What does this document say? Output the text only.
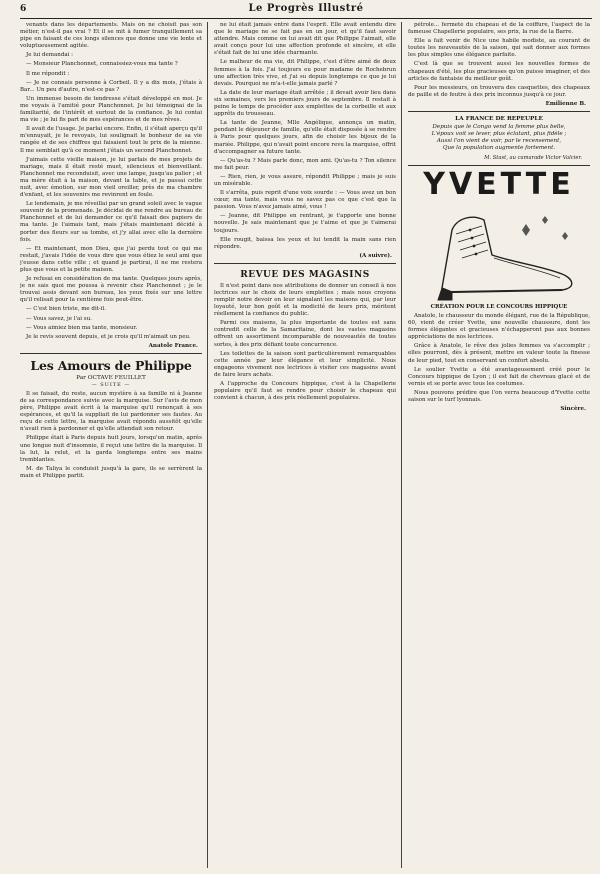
6	Le Progrès Illustré

venants dans les départements. Mais on ne choisit pas son métier, n'est-il pas vrai ? Et il se mit à fumer tranquillement sa pipe en faisant de ces longs silences que donne une vie lente et voluptueusement agitée.

Je lui demandai :

— Monsieur Planchonnet, connaissiez-vous ma tante ?

Il me répondit :

— Je ne connais personne à Corbeil. Il y a dix mois, j'étais à Bar... Un peu d'autre, n'est-ce pas ?

Un immense besoin de tendresse s'était développé en moi. Je me voyais à l'amitié pour Planchonnet. Je lui témoignai de la familiarité, de l'intérêt et surtout de la confiance. Je lui contai ma vie ; je lui fis part de mes espérances et de mes rêves.

Il avait de l'usage. Je parlai encore. Enfin, il s'était aperçu qu'il m'ennuyait, je le revoyais, lui soulignait le bonheur de sa vie rangée et de ses chiffres qui faisaient tout le prix de la mienne. Il me semblait qu'à ce moment j'étais un second Planchonnet.

J'aimais cette vieille maison, je lui parlais de mes projets de mariage, mais il était resté muet, silencieux et bienveillant. Planchonnet me reconduisit, avec une lampe, jusqu'au palier ; et ma mère était à la maison, devant la table, et je passai cette nuit, avec émotion, sur mon vieil oreiller, près de ma chambre d'enfant, et les souvenirs me revinrent en foule.

Le lendemain, je me réveillai par un grand soleil avec le vague souvenir de la promenade. Je décidai de me rendre au bureau de Planchonnet et de lui demander ce qu'il faisait des papiers de ma tante. Je l'aimais tant, mais j'étais maintenant décidé à porter des fleurs sur sa tombe, et j'y allai avec elle la dernière fois.

— Et maintenant, mon Dieu, que j'ai perdu tout ce qui me restait, j'avais l'idée de vous dire que vous étiez le seul ami que j'eusse dans cette ville ; et quand je partirai, il ne me restera plus que vous et la petite maison.

Je refusai en considération de ma tante. Quelques jours après, je ne sais quoi me poussa à revenir chez Planchonnet ; je le trouvai assis devant son bureau, les yeux fixés sur une lettre qu'il relisait pour la centième fois peut-être.

— C'est bien triste, me dit-il.

— Vous savez, je l'ai su.

— Vous aimiez bien ma tante, monsieur.

Je le revis souvent depuis, et je crois qu'il m'aimait un peu.

Anatole France.
Les Amours de Philippe
Par OCTAVE FEUILLET
— SUITE —

Il se faisait, du reste, aucun mystère à sa famille ni à Jeanne de sa correspondance suivie avec la marquise. Sur l'avis de mon père, Philippe avait écrit à la marquise qu'il renonçait à ses espérances, et qu'il la suppliait de lui pardonner ses fautes. Au reçu de cette lettre, la marquise avait répondu aussitôt qu'elle n'avait rien à pardonner et qu'elle attendait son retour.

Philippe était à Paris depuis huit jours, lorsqu'un matin, après une longue nuit d'insomnie, il reçut une lettre de la marquise. Il la lut, la relut, et la garda longtemps entre ses mains tremblantes.

M. de Taliya le conduisit jusqu'à la gare, ils se serrèrent la main et Philippe partit.

ne lui était jamais entré dans l'esprit. Elle avait entendu dire que le mariage ne se fait pas en un jour, et qu'il faut savoir attendre. Mais comme on lui avait dit que Philippe l'aimait, elle avait conçu pour lui une affection profonde et sincère, et elle s'était fait de lui une idée charmante.

Le malheur de ma vie, dit Philippe, c'est d'être aimé de deux femmes à la fois. J'ai toujours eu pour madame de Rochebrun une affection très vive, et j'ai su depuis longtemps ce que je lui devais. Pourquoi ne m'a-t-elle jamais parlé ?

La date de leur mariage était arrêtée ; il devait avoir lieu dans six semaines, vers les premiers jours de septembre. Il restait à peine le temps de procéder aux emplettes de la corbeille et aux apprêts du trousseau.

La tante de Jeanne, Mlle Angélique, annonça un matin, pendant le déjeuner de famille, qu'elle était disposée à se rendre à Paris pour quelques jours, afin de choisir les bijoux de la mariée. Philippe, qui n'avait point encore revu la marquise, offrit d'accompagner sa future tante.

— Qu'as-tu ? Mais parle donc, mon ami. Qu'as-tu ? Ton silence me fait peur.

— Rien, rien, je vous assure, répondit Philippe ; mais je suis un misérable.

Il s'arrêta, puis reprit d'une voix sourde : — Vous avez un bon cœur, ma tante, mais vous ne savez pas ce que c'est que la passion. Vous n'avez jamais aimé, vous !

— Jeanne, dit Philippe en rentrant, je t'apporte une bonne nouvelle. Je sais maintenant que je t'aime et que je t'aimerai toujours.

Elle rougit, baissa les yeux et lui tendit la main sans rien répondre.

(A suivre).
REVUE DES MAGASINS

Il n'est point dans nos attributions de donner un conseil à nos lectrices sur le choix de leurs emplettes ; mais nous croyons remplir notre devoir en leur signalant les maisons qui, par leur loyauté, leur bon goût et la modicité de leurs prix, méritent réellement la confiance du public.

Parmi ces maisons, la plus importante de toutes est sans contredit celle de la Samaritaine, dont les vastes magasins offrent un assortiment incomparable de nouveautés de toutes sortes, à des prix défiant toute concurrence.

Les toilettes de la saison sont particulièrement remarquables cette année par leur élégance et leur simplicité. Nous engageons vivement nos lectrices à visiter ces magasins avant de faire leurs achats.

A l'approche du Concours hippique, c'est à la Chapellerie populaire qu'il faut se rendre pour choisir le chapeau qui convient à chacun, à des prix réellement populaires.

pétrole... fermeté du chapeau et de la coiffure, l'aspect de la fameuse Chapellerie populaire, ses prix, la rue de la Barre.

Elle a fait venir de Nice une habile modiste, au courant de toutes les nouveautés de la saison, qui sait donner aux formes les plus simples une élégance parfaite.

C'est là que se trouvent aussi les nouvelles formes de chapeaux d'été, les plus gracieuses qu'on puisse imaginer, et des articles de fantaisie du meilleur goût.

Pour les messieurs, on trouvera des casquettes, des chapeaux de paille et de feutre à des prix inconnus jusqu'à ce jour.

Emilienne B.
LA FRANCE DE REPEUPLE
Depuis que le Congo vend la femme plus belle,
L'époux voit se lever, plus éclatant, plus fidèle ;
Aussi l'on vient de voir, par le recensement,
Que la population augmente fortement.
M. Stast, au camarade Victor Valcier.
YVETTE
CRÉATION POUR LE CONCOURS HIPPIQUE

Anatole, le chausseur du monde élégant, rue de la République, 60, vient de créer Yvette, une nouvelle chaussure, dont les formes élégantes et gracieuses n'échapperont pas aux bonnes appréciations de nos lectrices.

Grâce à Anatole, le rêve des jolies femmes va s'accomplir ; elles pourront, dès à présent, mettre en valeur toute la finesse de leur pied, tout en conservant un confort absolu.

Le soulier Yvette a été avantageusement créé pour le Concours hippique de Lyon ; il est fait de chevreau glacé et de vernis et se porte avec tous les costumes.

Nous pouvons prédire que l'on verra beaucoup d'Yvette cette saison sur le turf lyonnais.

Sincère.
